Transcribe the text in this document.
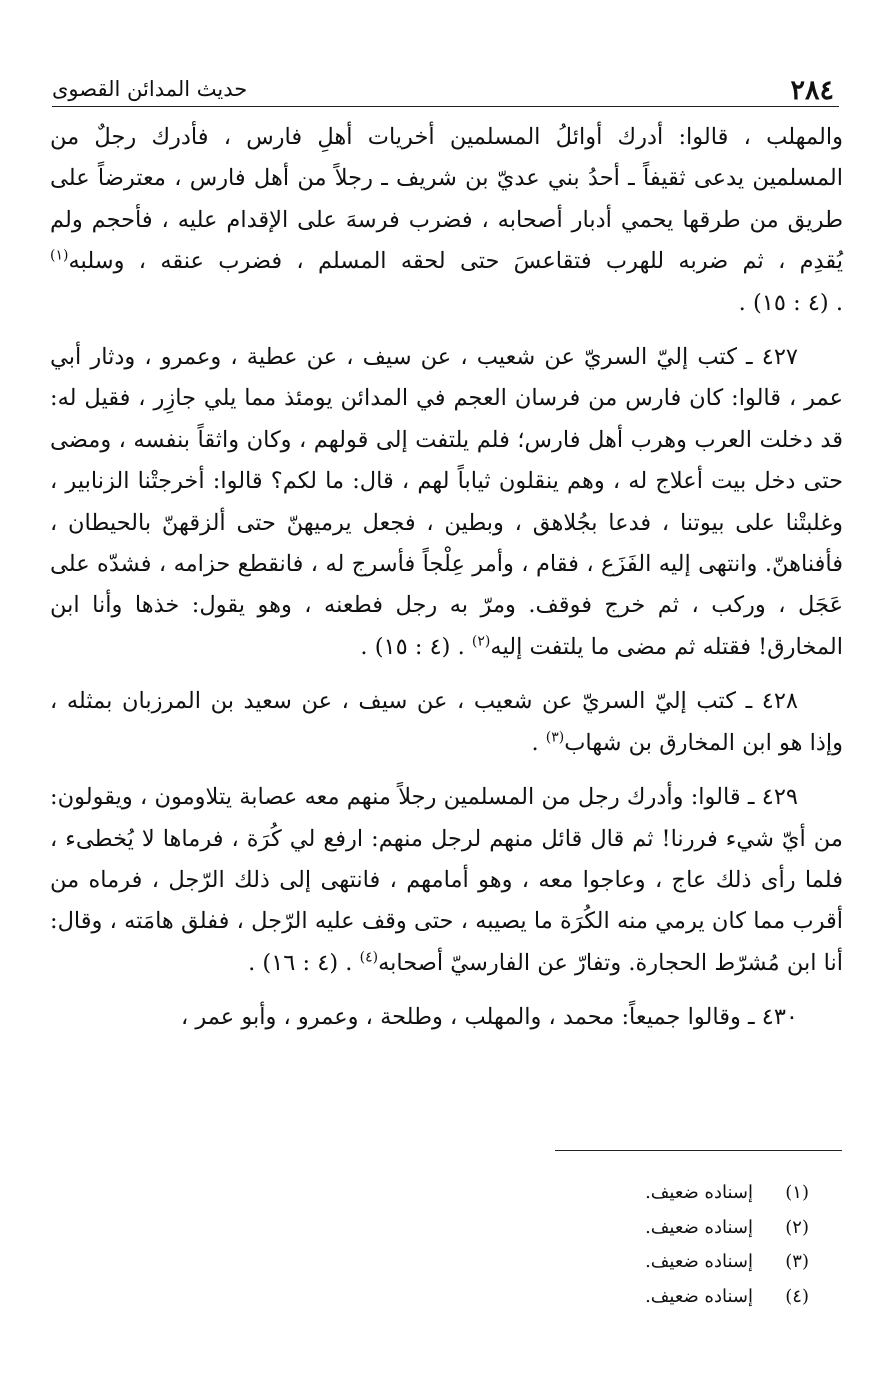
٢٨٤
حديث المدائن القصوى

والمهلب ، قالوا: أدرك أوائلُ المسلمين أخريات أهلِ فارس ، فأدرك رجلٌ من المسلمين يدعى ثقيفاً ـ أحدُ بني عديّ بن شريف ـ رجلاً من أهل فارس ، معترضاً على طريق من طرقها يحمي أدبار أصحابه ، فضرب فرسهَ على الإقدام عليه ، فأحجم ولم يُقدِم ، ثم ضربه للهرب فتقاعسَ حتى لحقه المسلم ، فضرب عنقه ، وسلبه$^{(١)}$ . (٤ : ١٥) .

٤٢٧ ـ كتب إليّ السريّ عن شعيب ، عن سيف ، عن عطية ، وعمرو ، ودثار أبي عمر ، قالوا: كان فارس من فرسان العجم في المدائن يومئذ مما يلي جازِر ، فقيل له: قد دخلت العرب وهرب أهل فارس؛ فلم يلتفت إلى قولهم ، وكان واثقاً بنفسه ، ومضى حتى دخل بيت أعلاج له ، وهم ينقلون ثياباً لهم ، قال: ما لكم؟ قالوا: أخرجتْنا الزنابير ، وغلبتْنا على بيوتنا ، فدعا بجُلاهق ، وبطين ، فجعل يرميهنّ حتى ألزقهنّ بالحيطان ، فأفناهنّ. وانتهى إليه الفَزَع ، فقام ، وأمر عِلْجاً فأسرج له ، فانقطع حزامه ، فشدّه على عَجَل ، وركب ، ثم خرج فوقف. ومرّ به رجل فطعنه ، وهو يقول: خذها وأنا ابن المخارق! فقتله ثم مضى ما يلتفت إليه$^{(٢)}$ . (٤ : ١٥) .

٤٢٨ ـ كتب إليّ السريّ عن شعيب ، عن سيف ، عن سعيد بن المرزبان بمثله ، وإذا هو ابن المخارق بن شهاب$^{(٣)}$ .

٤٢٩ ـ قالوا: وأدرك رجل من المسلمين رجلاً منهم معه عصابة يتلاومون ، ويقولون: من أيّ شيء فررنا! ثم قال قائل منهم لرجل منهم: ارفع لي كُرَة ، فرماها لا يُخطىء ، فلما رأى ذلك عاج ، وعاجوا معه ، وهو أمامهم ، فانتهى إلى ذلك الرّجل ، فرماه من أقرب مما كان يرمي منه الكُرَة ما يصيبه ، حتى وقف عليه الرّجل ، ففلق هامَته ، وقال: أنا ابن مُشرّط الحجارة. وتفارّ عن الفارسيّ أصحابه$^{(٤)}$ . (٤ : ١٦) .

٤٣٠ ـ وقالوا جميعاً: محمد ، والمهلب ، وطلحة ، وعمرو ، وأبو عمر ،

(١)
إسناده ضعيف.
(٢)
إسناده ضعيف.
(٣)
إسناده ضعيف.
(٤)
إسناده ضعيف.
